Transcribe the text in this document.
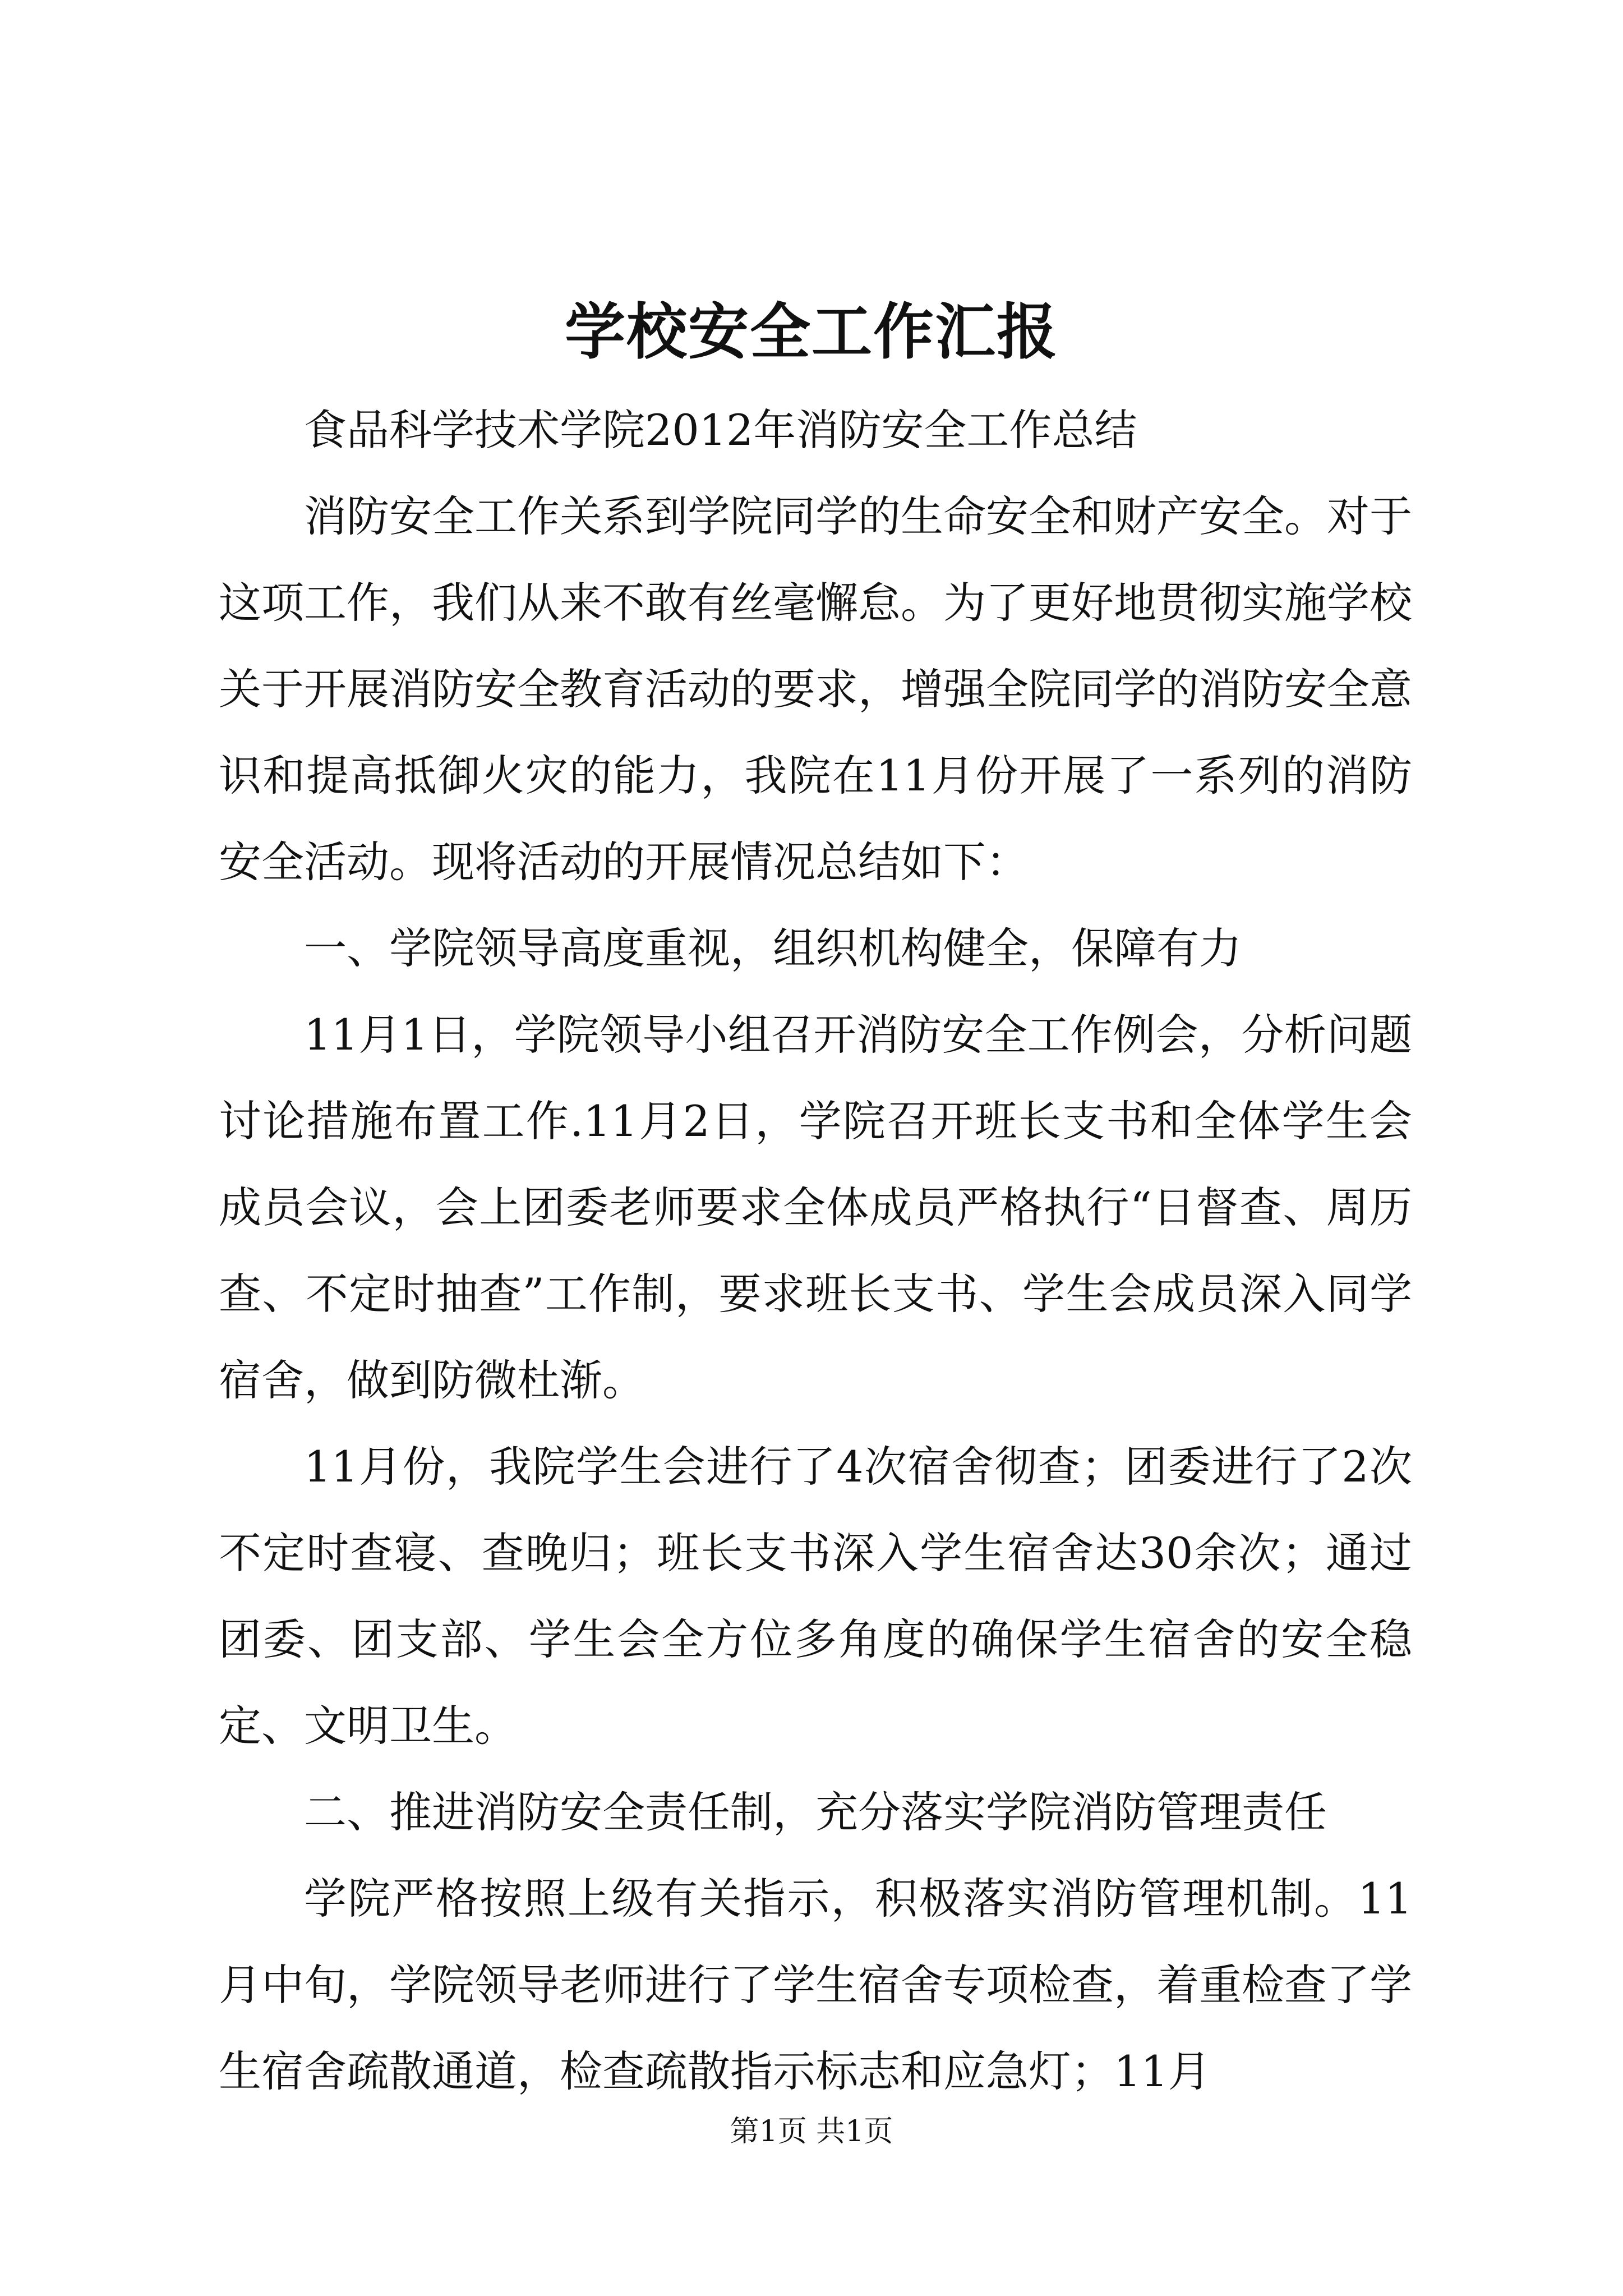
学校安全工作汇报

食品科学技术学院2012年消防安全工作总结

消防安全工作关系到学院同学的生命安全和财产安全。对于这项工作，我们从来不敢有丝毫懈怠。为了更好地贯彻实施学校关于开展消防安全教育活动的要求，增强全院同学的消防安全意识和提高抵御火灾的能力，我院在11月份开展了一系列的消防安全活动。现将活动的开展情况总结如下：

一、学院领导高度重视，组织机构健全，保障有力

11月1日，学院领导小组召开消防安全工作例会，分析问题讨论措施布置工作.11月2日，学院召开班长支书和全体学生会成员会议，会上团委老师要求全体成员严格执行“日督查、周历查、不定时抽查”工作制，要求班长支书、学生会成员深入同学宿舍，做到防微杜渐。

11月份，我院学生会进行了4次宿舍彻查；团委进行了2次不定时查寝、查晚归；班长支书深入学生宿舍达30余次；通过团委、团支部、学生会全方位多角度的确保学生宿舍的安全稳定、文明卫生。

二、推进消防安全责任制，充分落实学院消防管理责任

学院严格按照上级有关指示，积极落实消防管理机制。11月中旬，学院领导老师进行了学生宿舍专项检查，着重检查了学生宿舍疏散通道，检查疏散指示标志和应急灯；11月

第1页 共1页
